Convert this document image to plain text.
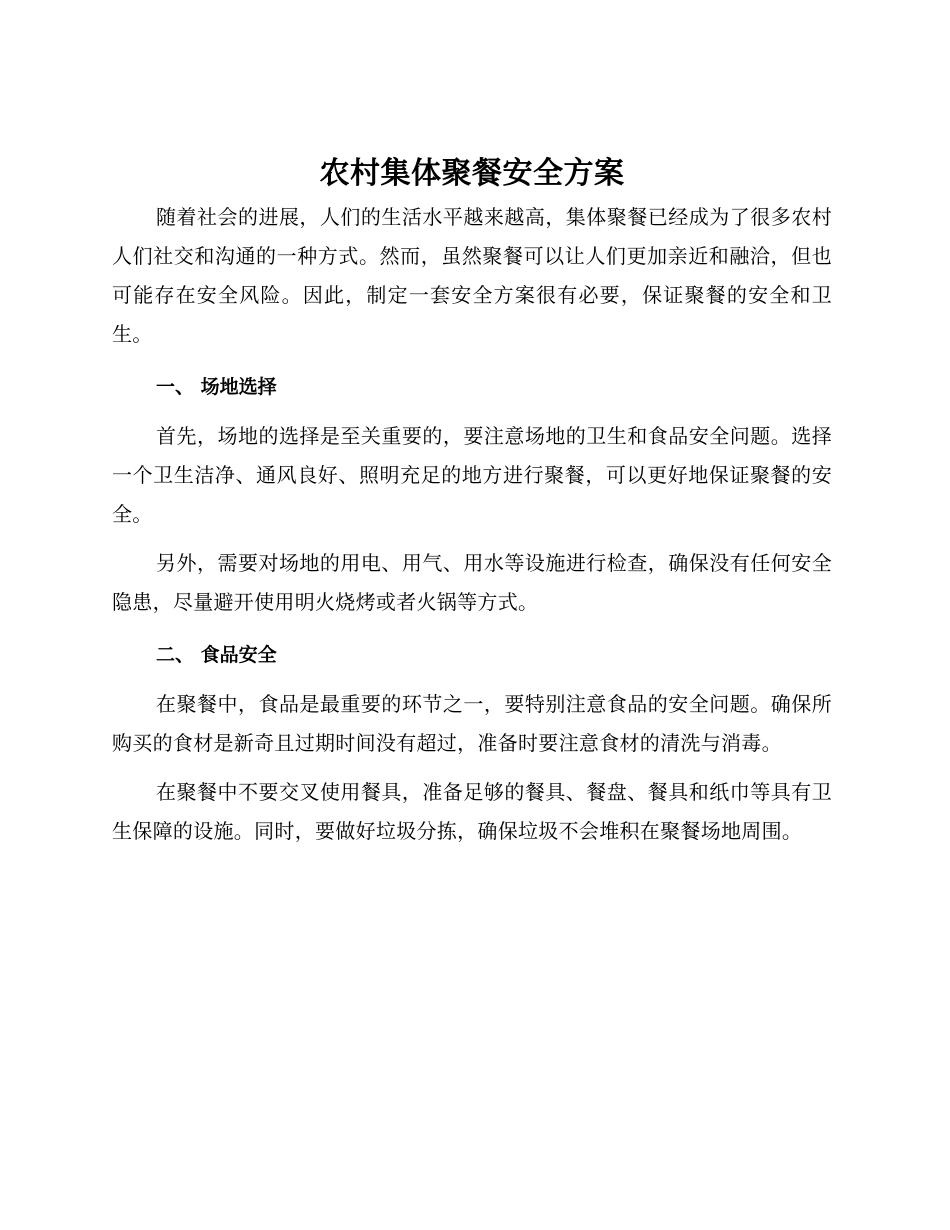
农村集体聚餐安全方案

随着社会的进展，人们的生活水平越来越高，集体聚餐已经成为了很多农村人们社交和沟通的一种方式。然而，虽然聚餐可以让人们更加亲近和融洽，但也可能存在安全风险。因此，制定一套安全方案很有必要，保证聚餐的安全和卫生。

一、 场地选择

首先，场地的选择是至关重要的，要注意场地的卫生和食品安全问题。选择一个卫生洁净、通风良好、照明充足的地方进行聚餐，可以更好地保证聚餐的安全。

另外，需要对场地的用电、用气、用水等设施进行检查，确保没有任何安全隐患，尽量避开使用明火烧烤或者火锅等方式。

二、 食品安全

在聚餐中，食品是最重要的环节之一，要特别注意食品的安全问题。确保所购买的食材是新奇且过期时间没有超过，准备时要注意食材的清洗与消毒。

在聚餐中不要交叉使用餐具，准备足够的餐具、餐盘、餐具和纸巾等具有卫生保障的设施。同时，要做好垃圾分拣，确保垃圾不会堆积在聚餐场地周围。
